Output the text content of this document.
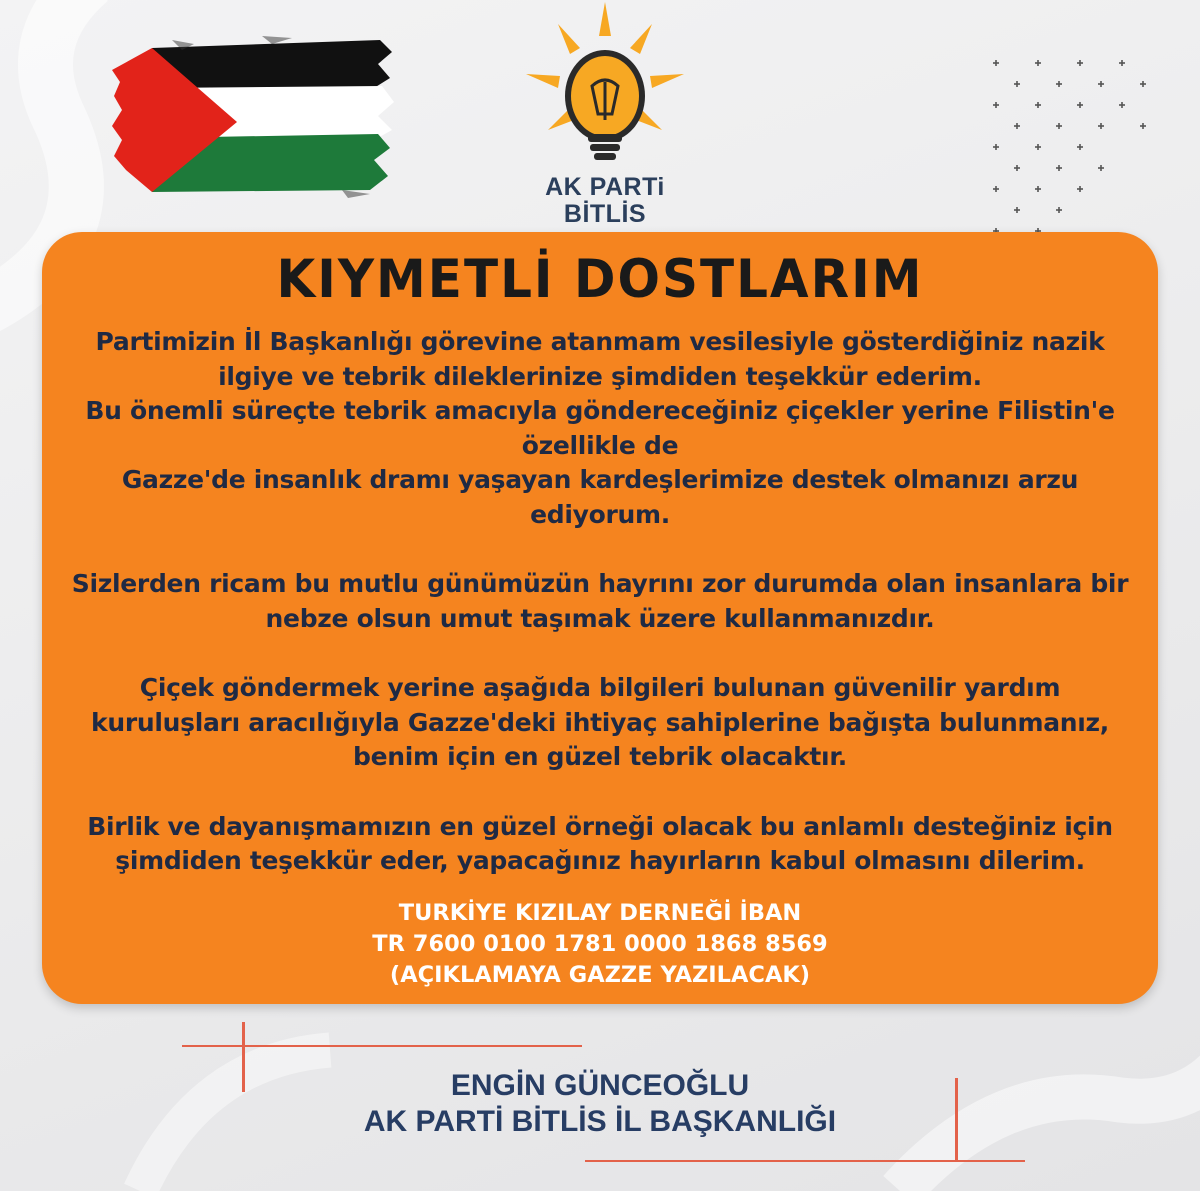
AK PARTi
BİTLİS
KIYMETLİ DOSTLARIM

Partimizin İl Başkanlığı görevine atanmam vesilesiyle gösterdiğiniz nazik

ilgiye ve tebrik dileklerinize şimdiden teşekkür ederim.

Bu önemli süreçte tebrik amacıyla göndereceğiniz çiçekler yerine Filistin'e

özellikle de

Gazze'de insanlık dramı yaşayan kardeşlerimize destek olmanızı arzu

ediyorum.

Sizlerden ricam bu mutlu günümüzün hayrını zor durumda olan insanlara bir

nebze olsun umut taşımak üzere kullanmanızdır.

Çiçek göndermek yerine aşağıda bilgileri bulunan güvenilir yardım

kuruluşları aracılığıyla Gazze'deki ihtiyaç sahiplerine bağışta bulunmanız,

benim için en güzel tebrik olacaktır.

Birlik ve dayanışmamızın en güzel örneği olacak bu anlamlı desteğiniz için

şimdiden teşekkür eder, yapacağınız hayırların kabul olmasını dilerim.

TURKİYE KIZILAY DERNEĞİ İBAN
TR 7600 0100 1781 0000 1868 8569
(AÇIKLAMAYA GAZZE YAZILACAK)
ENGİN GÜNCEOĞLU
AK PARTİ BİTLİS İL BAŞKANLIĞI
